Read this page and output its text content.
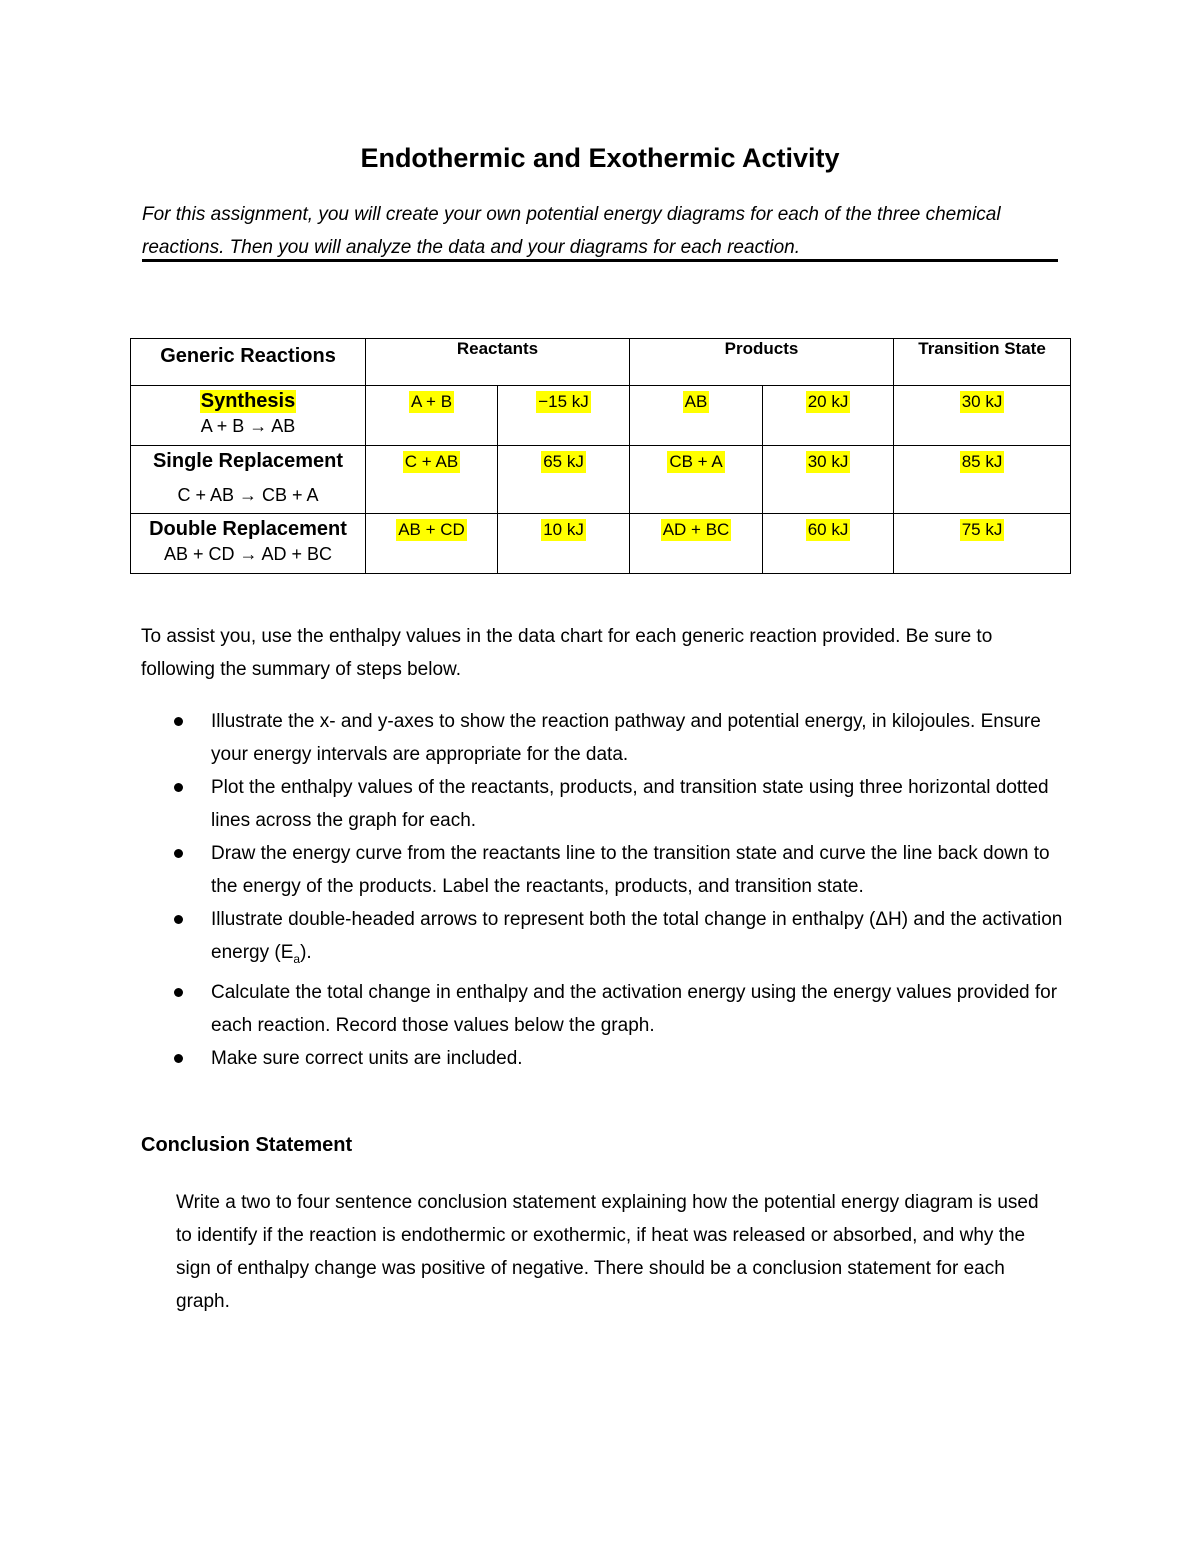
Endothermic and Exothermic Activity
For this assignment, you will create your own potential energy diagrams for each of the three chemical reactions. Then you will analyze the data and your diagrams for each reaction.
Generic Reactions	Reactants		Products		Transition State
Synthesis
A + B → AB	A + B	−15 kJ	AB	20 kJ	30 kJ

Single Replacement
C + AB → CB + A	C + AB	65 kJ	CB + A	30 kJ	85 kJ

Double Replacement
AB + CD → AD + BC	AB + CD	10 kJ	AD + BC	60 kJ	75 kJ
To assist you, use the enthalpy values in the data chart for each generic reaction provided. Be sure to following the summary of steps below.
Illustrate the x- and y-axes to show the reaction pathway and potential energy, in kilojoules. Ensure your energy intervals are appropriate for the data.
Plot the enthalpy values of the reactants, products, and transition state using three horizontal dotted lines across the graph for each.
Draw the energy curve from the reactants line to the transition state and curve the line back down to the energy of the products. Label the reactants, products, and transition state.
Illustrate double-headed arrows to represent both the total change in enthalpy (ΔH) and the activation energy $(E_a)$.
Calculate the total change in enthalpy and the activation energy using the energy values provided for each reaction. Record those values below the graph.
Make sure correct units are included.
Conclusion Statement
Write a two to four sentence conclusion statement explaining how the potential energy diagram is used to identify if the reaction is endothermic or exothermic, if heat was released or absorbed, and why the sign of enthalpy change was positive of negative. There should be a conclusion statement for each graph.
